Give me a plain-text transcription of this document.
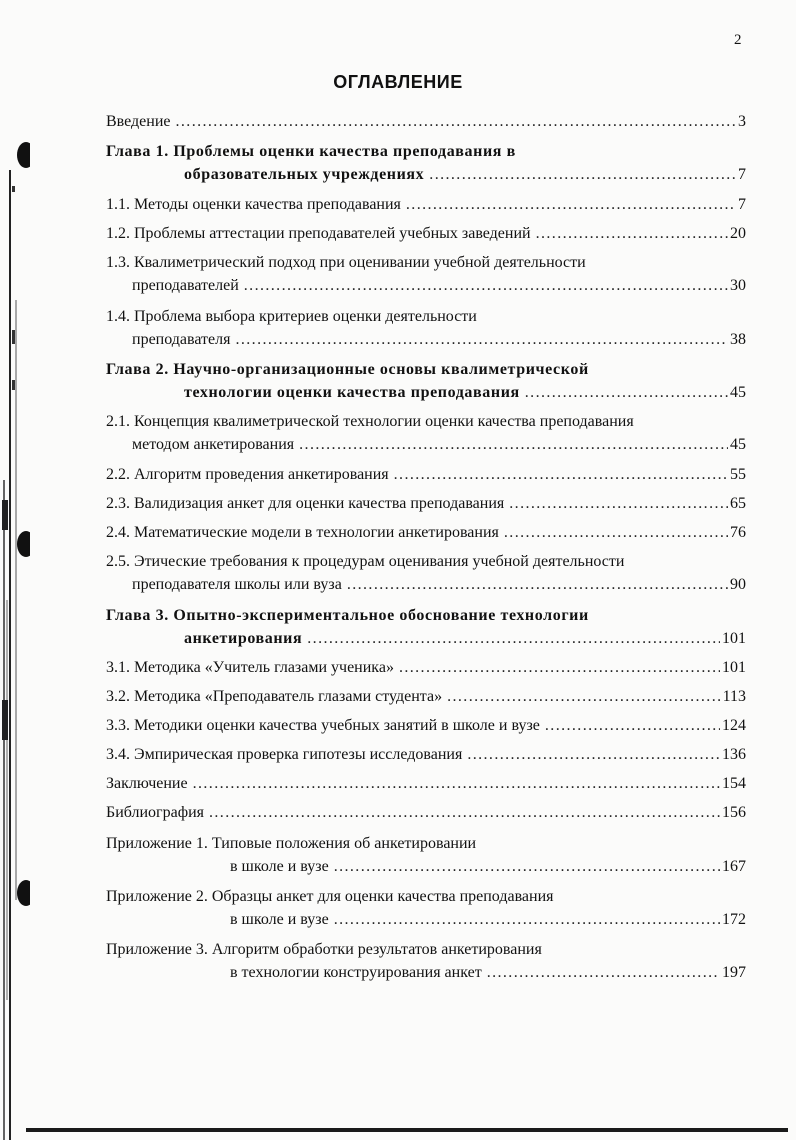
2
ОГЛАВЛЕНИЕ
Введение . . .	3
Глава 1. Проблемы оценки качества преподавания в
образовательных учреждениях . . .	7
1.1. Методы оценки качества преподавания . . .	7
1.2. Проблемы аттестации преподавателей учебных заведений . . .	20
1.3. Квалиметрический подход при оценивании учебной деятельности
преподавателей . . .	30
1.4. Проблема выбора критериев оценки деятельности
преподавателя . . .	38
Глава 2. Научно-организационные основы квалиметрической
технологии оценки качества преподавания . . .	45
2.1. Концепция квалиметрической технологии оценки качества преподавания
методом анкетирования . . .	45
2.2. Алгоритм проведения анкетирования . . .	55
2.3. Валидизация анкет для оценки качества преподавания . . .	65
2.4. Математические модели в технологии анкетирования . . .	76
2.5. Этические требования к процедурам оценивания учебной деятельности
преподавателя школы или вуза . . .	90
Глава 3. Опытно-экспериментальное обоснование технологии
анкетирования . . .	101
3.1. Методика «Учитель глазами ученика» . . .	101
3.2. Методика «Преподаватель глазами студента» . . .	113
3.3. Методики оценки качества учебных занятий в школе и вузе . . .	124
3.4. Эмпирическая проверка гипотезы исследования . . .	136
Заключение . . .	154
Библиография . . .	156
Приложение 1. Типовые положения об анкетировании
в школе и вузе . . .	167
Приложение 2. Образцы анкет для оценки качества преподавания
в школе и вузе . . .	172
Приложение 3. Алгоритм обработки результатов анкетирования
в технологии конструирования анкет . . .	197
